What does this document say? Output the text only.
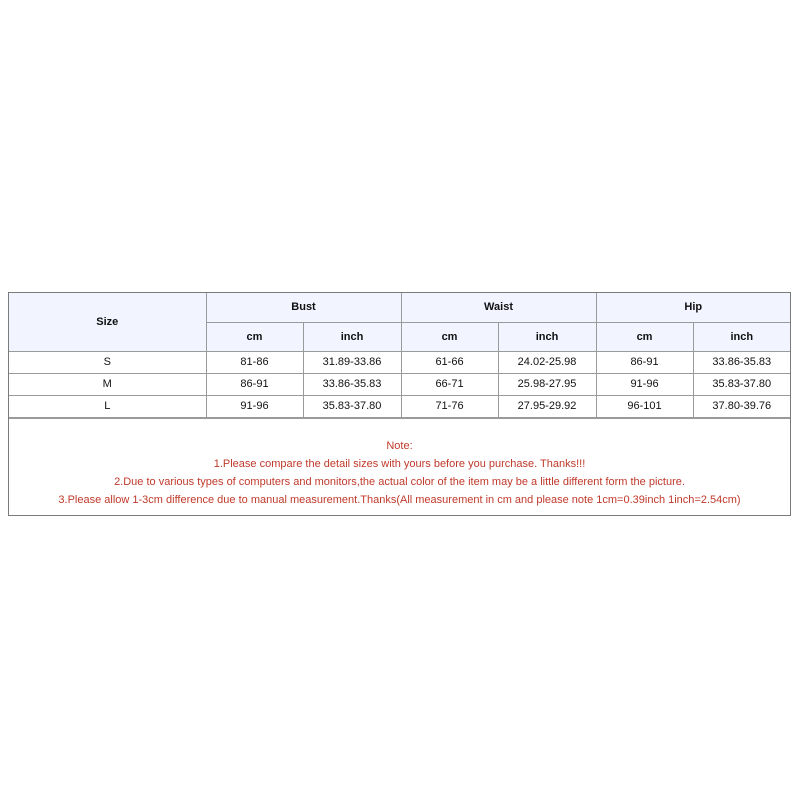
Size	Bust		Waist		Hip	
	cm	inch	cm	inch	cm	inch
S	81-86	31.89-33.86	61-66	24.02-25.98	86-91	33.86-35.83
M	86-91	33.86-35.83	66-71	25.98-27.95	91-96	35.83-37.80
L	91-96	35.83-37.80	71-76	27.95-29.92	96-101	37.80-39.76
Note:
1.Please compare the detail sizes with yours before you purchase. Thanks!!!
2.Due to various types of computers and monitors,the actual color of the item may be a little different form the picture.
3.Please allow 1-3cm difference due to manual measurement.Thanks(All measurement in cm and please note 1cm=0.39inch 1inch=2.54cm)
